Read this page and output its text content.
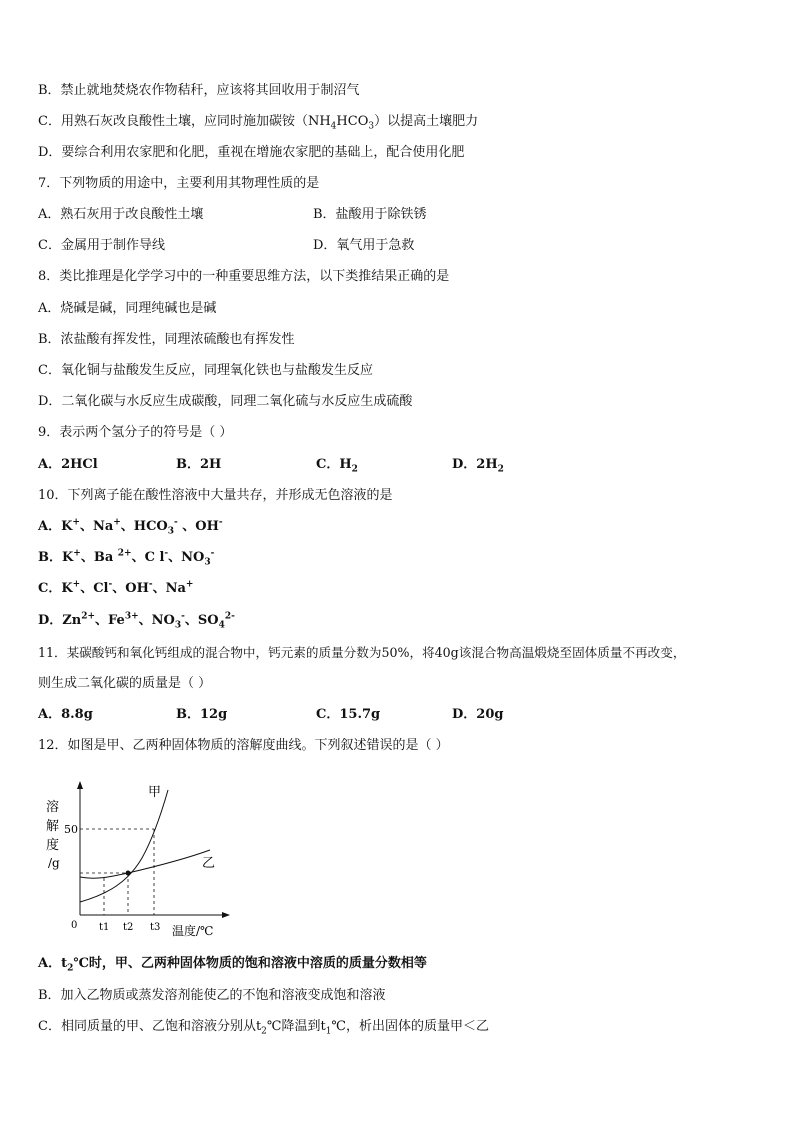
B．禁止就地焚烧农作物秸秆，应该将其回收用于制沼气
C．用熟石灰改良酸性土壤，应同时施加碳铵$(NH_4HCO_3)$以提高土壤肥力
D．要综合利用农家肥和化肥，重视在增施农家肥的基础上，配合使用化肥
7．下列物质的用途中，主要利用其物理性质的是
A．熟石灰用于改良酸性土壤	B．盐酸用于除铁锈
C．金属用于制作导线	D．氧气用于急救
8．类比推理是化学学习中的一种重要思维方法，以下类推结果正确的是
A．烧碱是碱，同理纯碱也是碱
B．浓盐酸有挥发性，同理浓硫酸也有挥发性
C．氧化铜与盐酸发生反应，同理氧化铁也与盐酸发生反应
D．二氧化碳与水反应生成碳酸，同理二氧化硫与水反应生成硫酸
9．表示两个氢分子的符号是（ ）
A．2HCl	B．2H	C．$H_2$	D．$2H_2$
10．下列离子能在酸性溶液中大量共存，并形成无色溶液的是
A．K+、Na+、$HCO_3^-$ 、OH-
B．K+、Ba $^{2+}$、C l-、$NO_3^-$
C．K+、Cl-、OH-、Na+
D．$Zn^{2+}$、$Fe^{3+}$、$NO_3^-$、$SO_4^{2-}$
11．某碳酸钙和氧化钙组成的混合物中，钙元素的质量分数为50%，将40g该混合物高温煅烧至固体质量不再改变，
则生成二氧化碳的质量是（ ）
A．8.8g	B．12g	C．15.7g	D．20g
12．如图是甲、乙两种固体物质的溶解度曲线。下列叙述错误的是（ ）
溶
解
度
/g
50
甲
乙
0 t1 t2 t3 温度/℃
A．$t_2℃$时，甲、乙两种固体物质的饱和溶液中溶质的质量分数相等
B．加入乙物质或蒸发溶剂能使乙的不饱和溶液变成饱和溶液
C．相同质量的甲、乙饱和溶液分别从$t_2℃$降温到$t_1℃$，析出固体的质量甲＜乙
